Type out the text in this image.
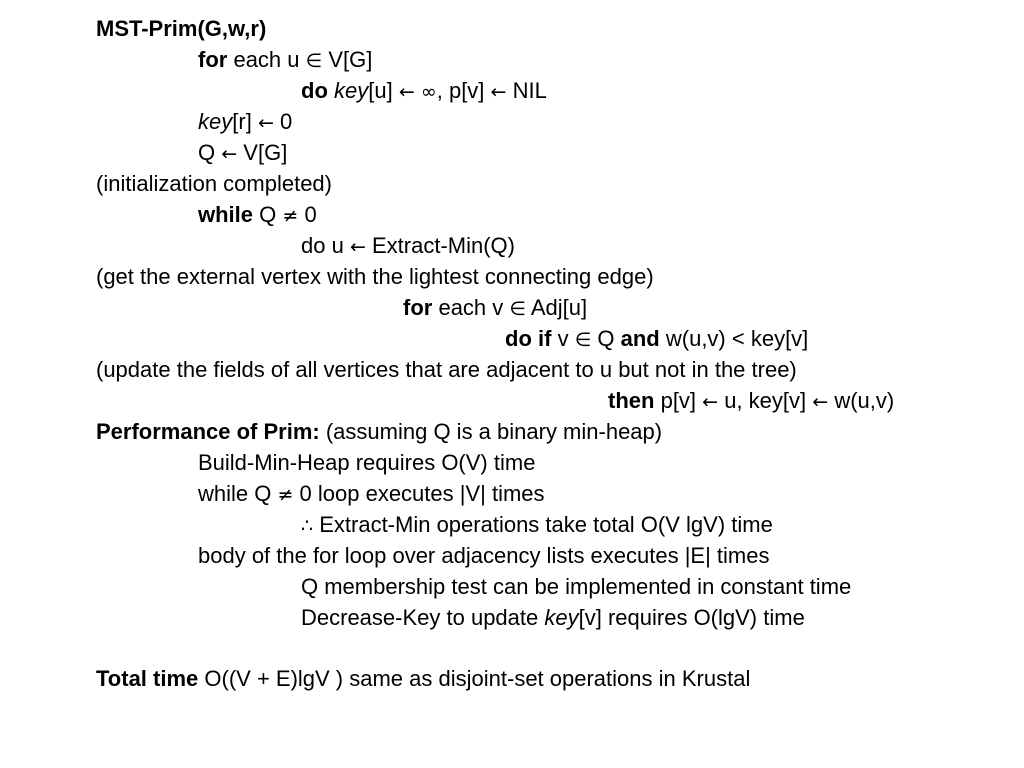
MST-Prim(G,w,r)
for each u ∈ V[G]
do key[u] ← ∞, p[v] ← NIL
key[r] ← 0
Q ← V[G]
(initialization completed)
while Q ≠ 0
do u ← Extract-Min(Q)
(get the external vertex with the lightest connecting edge)
for each v ∈ Adj[u]
do if v ∈ Q and w(u,v) < key[v]
(update the fields of all vertices that are adjacent to u but not in the tree)
then p[v] ← u, key[v] ← w(u,v)
Performance of Prim: (assuming Q is a binary min-heap)
Build-Min-Heap requires O(V) time
while Q ≠ 0 loop executes |V| times
∴ Extract-Min operations take total O(V lgV) time
body of the for loop over adjacency lists executes |E| times
Q membership test can be implemented in constant time
Decrease-Key to update key[v] requires O(lgV) time
Total time O((V + E)lgV ) same as disjoint-set operations in Krustal
